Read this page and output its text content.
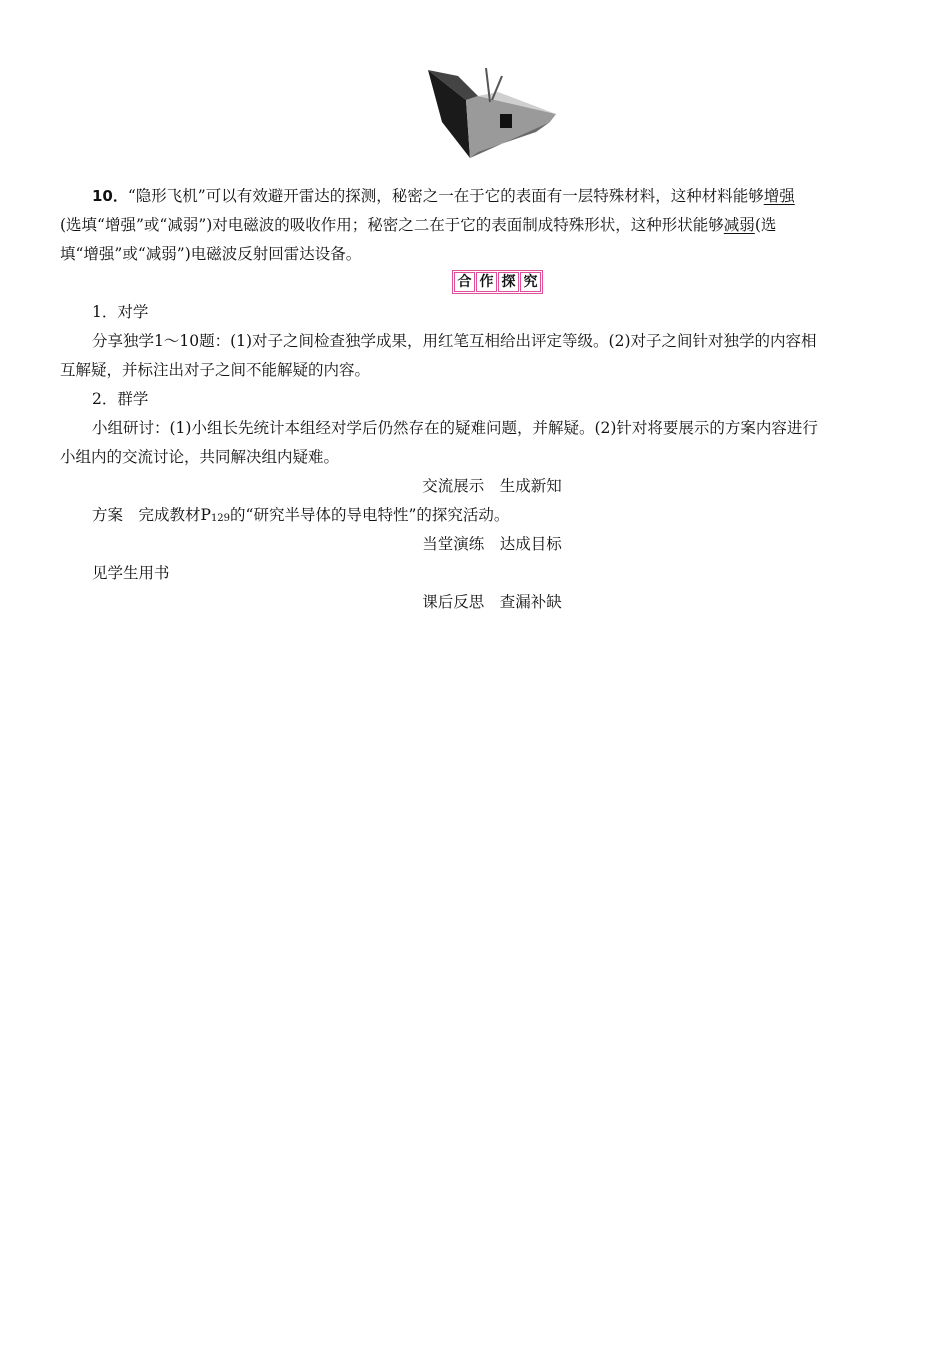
10．“隐形飞机”可以有效避开雷达的探测，秘密之一在于它的表面有一层特殊材料，这种材料能够增强
(选填“增强”或“减弱”)对电磁波的吸收作用；秘密之二在于它的表面制成特殊形状，这种形状能够减弱(选
填“增强”或“减弱”)电磁波反射回雷达设备。
合 作 探 究
1．对学
分享独学1～10题：(1)对子之间检查独学成果，用红笔互相给出评定等级。(2)对子之间针对独学的内容相
互解疑，并标注出对子之间不能解疑的内容。
2．群学
小组研讨：(1)小组长先统计本组经对学后仍然存在的疑难问题，并解疑。(2)针对将要展示的方案内容进行
小组内的交流讨论，共同解决组内疑难。
交流展示　生成新知
方案　完成教材P129的“研究半导体的导电特性”的探究活动。
当堂演练　达成目标
见学生用书
课后反思　查漏补缺
